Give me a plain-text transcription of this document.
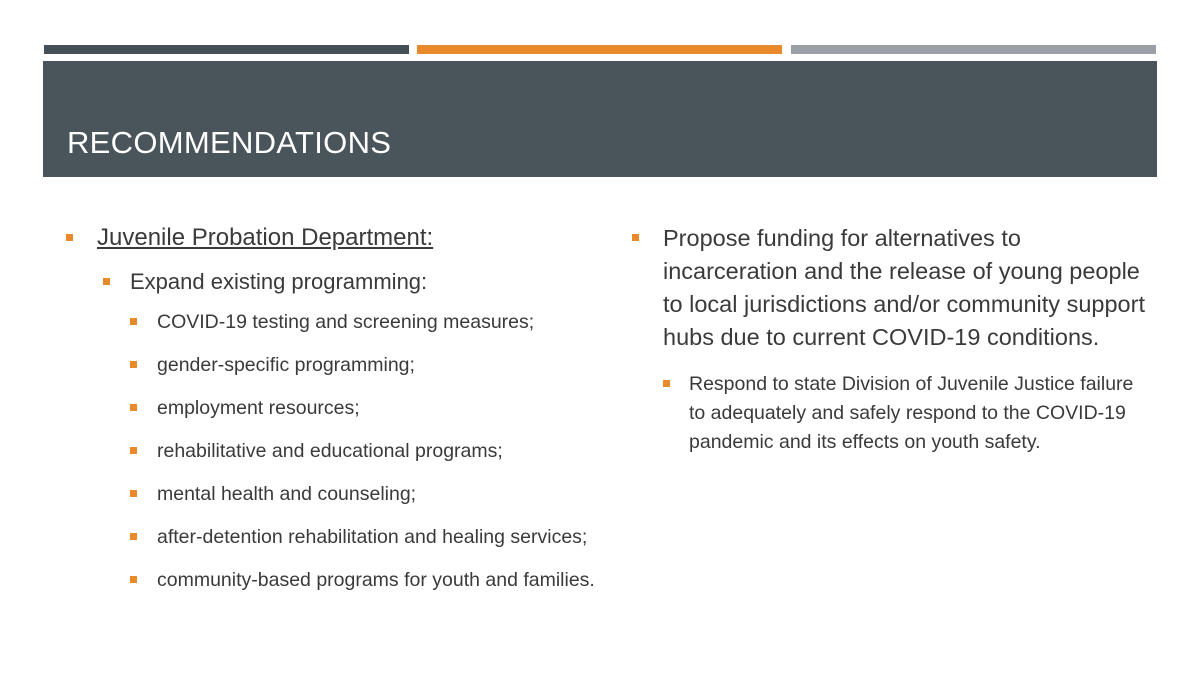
RECOMMENDATIONS
Juvenile Probation Department:
Expand existing programming:
COVID-19 testing and screening measures;
gender-specific programming;
employment resources;
rehabilitative and educational programs;
mental health and counseling;
after-detention rehabilitation and healing services;
community-based programs for youth and families.
Propose funding for alternatives to incarceration and the release of young people to local jurisdictions and/or community support hubs due to current COVID-19 conditions.
Respond to state Division of Juvenile Justice failure to adequately and safely respond to the COVID-19 pandemic and its effects on youth safety.
